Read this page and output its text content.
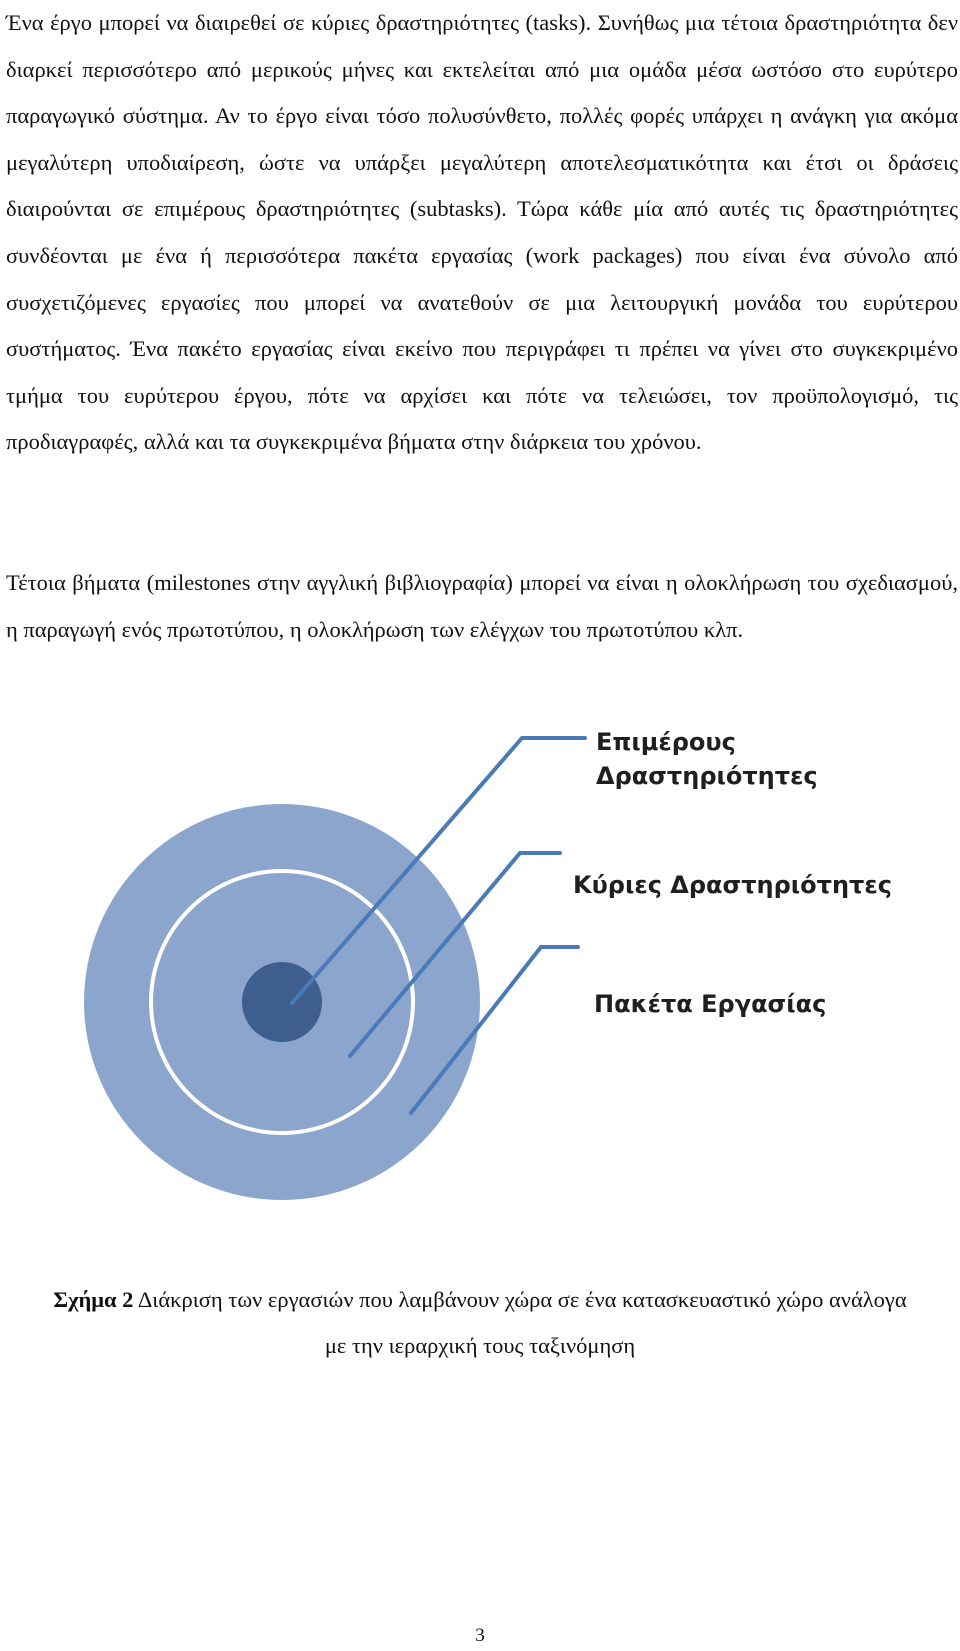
Ένα έργο μπορεί να διαιρεθεί σε κύριες δραστηριότητες (tasks). Συνήθως μια τέτοια δραστηριότητα δεν διαρκεί περισσότερο από μερικούς μήνες και εκτελείται από μια ομάδα μέσα ωστόσο στο ευρύτερο παραγωγικό σύστημα. Αν το έργο είναι τόσο πολυσύνθετο, πολλές φορές υπάρχει η ανάγκη για ακόμα μεγαλύτερη υποδιαίρεση, ώστε να υπάρξει μεγαλύτερη αποτελεσματικότητα και έτσι οι δράσεις διαιρούνται σε επιμέρους δραστηριότητες (subtasks). Τώρα κάθε μία από αυτές τις δραστηριότητες συνδέονται με ένα ή περισσότερα πακέτα εργασίας (work packages) που είναι ένα σύνολο από συσχετιζόμενες εργασίες που μπορεί να ανατεθούν σε μια λειτουργική μονάδα του ευρύτερου συστήματος. Ένα πακέτο εργασίας είναι εκείνο που περιγράφει τι πρέπει να γίνει στο συγκεκριμένο τμήμα του ευρύτερου έργου, πότε να αρχίσει και πότε να τελειώσει, τον προϋπολογισμό, τις προδιαγραφές, αλλά και τα συγκεκριμένα βήματα στην διάρκεια του χρόνου.

Τέτοια βήματα (milestones στην αγγλική βιβλιογραφία) μπορεί να είναι η ολοκλήρωση του σχεδιασμού, η παραγωγή ενός πρωτοτύπου, η ολοκλήρωση των ελέγχων του πρωτοτύπου κλπ.

Επιμέρους
Δραστηριότητες
Κύριες Δραστηριότητες
Πακέτα Εργασίας

Σχήμα 2 Διάκριση των εργασιών που λαμβάνουν χώρα σε ένα κατασκευαστικό χώρο ανάλογα με την ιεραρχική τους ταξινόμηση

3
